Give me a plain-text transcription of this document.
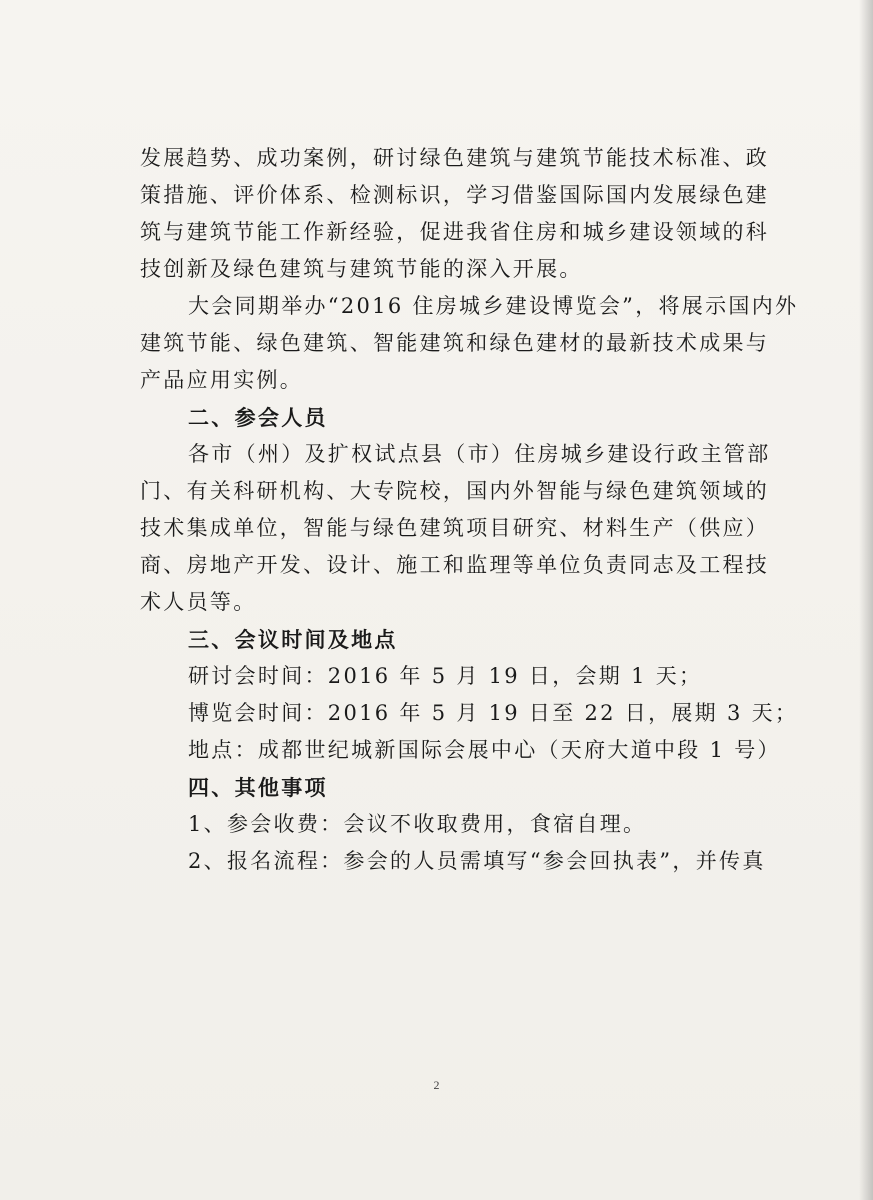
发展趋势、成功案例，研讨绿色建筑与建筑节能技术标准、政
策措施、评价体系、检测标识，学习借鉴国际国内发展绿色建
筑与建筑节能工作新经验，促进我省住房和城乡建设领域的科
技创新及绿色建筑与建筑节能的深入开展。
大会同期举办“2016 住房城乡建设博览会”，将展示国内外
建筑节能、绿色建筑、智能建筑和绿色建材的最新技术成果与
产品应用实例。
二、参会人员
各市（州）及扩权试点县（市）住房城乡建设行政主管部
门、有关科研机构、大专院校，国内外智能与绿色建筑领域的
技术集成单位，智能与绿色建筑项目研究、材料生产（供应）
商、房地产开发、设计、施工和监理等单位负责同志及工程技
术人员等。
三、会议时间及地点
研讨会时间：2016 年 5 月 19 日，会期 1 天；
博览会时间：2016 年 5 月 19 日至 22 日，展期 3 天；
地点：成都世纪城新国际会展中心（天府大道中段 1 号）
四、其他事项
1、参会收费：会议不收取费用，食宿自理。
2、报名流程：参会的人员需填写“参会回执表”，并传真
2
